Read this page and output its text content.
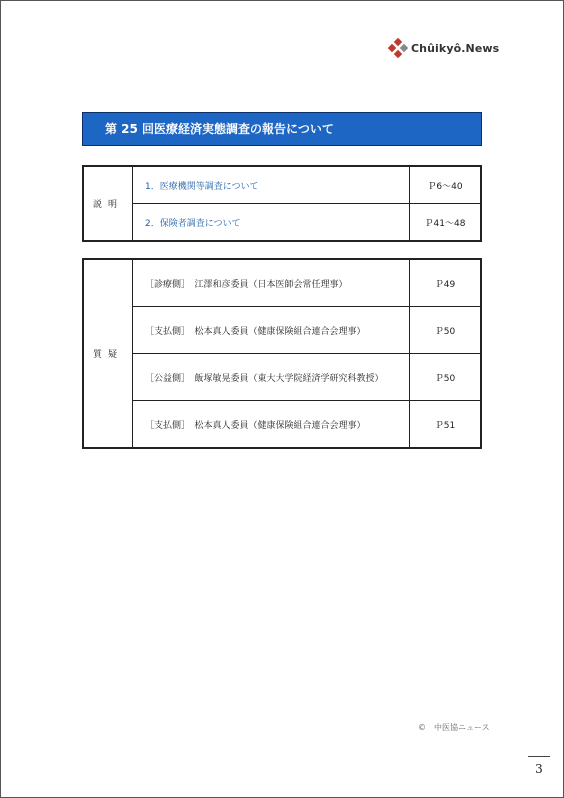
Chûikyô.News
第 25 回医療経済実態調査の報告について
説明	1．医療機関等調査について	Ｐ6～40
	2．保険者調査について	Ｐ41～48
質疑	［診療側］　江澤和彦委員（日本医師会常任理事）	Ｐ49
	［支払側］　松本真人委員（健康保険組合連合会理事）	Ｐ50
	［公益側］　飯塚敏晃委員（東大大学院経済学研究科教授）	Ｐ50
	［支払側］　松本真人委員（健康保険組合連合会理事）	Ｐ51
©　中医協ニュース
3
